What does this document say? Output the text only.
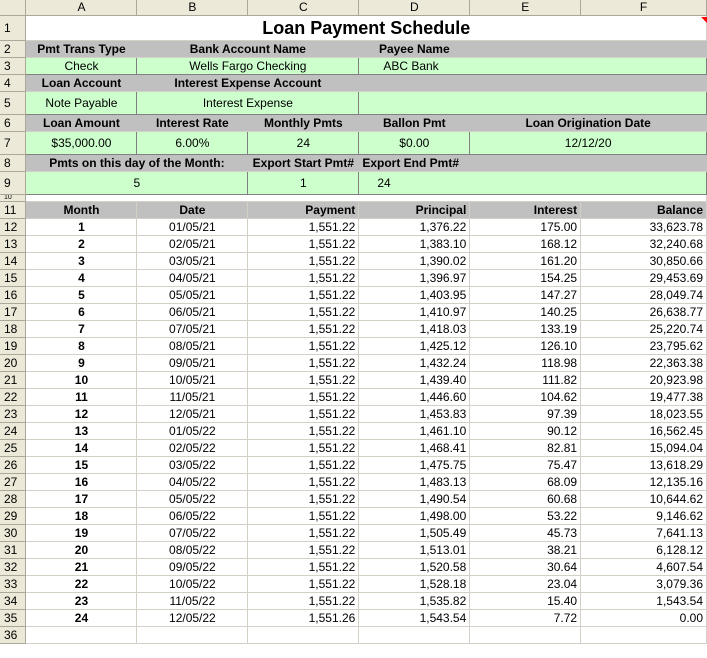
	A	B	C	D	E	F
1	Loan Payment Schedule					
2	Pmt Trans Type	Bank Account Name		Payee Name		
3	Check	Wells Fargo Checking		ABC Bank		
4	Loan Account	Interest Expense Account				
5	Note Payable	Interest Expense				
6	Loan Amount	Interest Rate	Monthly Pmts	Ballon Pmt	Loan Origination Date	
7	$35,000.00	6.00%	24	$0.00	12/12/20	
8	Pmts on this day of the Month:		Export Start Pmt#	Export End Pmt#		
9	5		1	24		
10						
11	Month	Date	Payment	Principal	Interest	Balance
12	1	01/05/21	1,551.22	1,376.22	175.00	33,623.78
13	2	02/05/21	1,551.22	1,383.10	168.12	32,240.68
14	3	03/05/21	1,551.22	1,390.02	161.20	30,850.66
15	4	04/05/21	1,551.22	1,396.97	154.25	29,453.69
16	5	05/05/21	1,551.22	1,403.95	147.27	28,049.74
17	6	06/05/21	1,551.22	1,410.97	140.25	26,638.77
18	7	07/05/21	1,551.22	1,418.03	133.19	25,220.74
19	8	08/05/21	1,551.22	1,425.12	126.10	23,795.62
20	9	09/05/21	1,551.22	1,432.24	118.98	22,363.38
21	10	10/05/21	1,551.22	1,439.40	111.82	20,923.98
22	11	11/05/21	1,551.22	1,446.60	104.62	19,477.38
23	12	12/05/21	1,551.22	1,453.83	97.39	18,023.55
24	13	01/05/22	1,551.22	1,461.10	90.12	16,562.45
25	14	02/05/22	1,551.22	1,468.41	82.81	15,094.04
26	15	03/05/22	1,551.22	1,475.75	75.47	13,618.29
27	16	04/05/22	1,551.22	1,483.13	68.09	12,135.16
28	17	05/05/22	1,551.22	1,490.54	60.68	10,644.62
29	18	06/05/22	1,551.22	1,498.00	53.22	9,146.62
30	19	07/05/22	1,551.22	1,505.49	45.73	7,641.13
31	20	08/05/22	1,551.22	1,513.01	38.21	6,128.12
32	21	09/05/22	1,551.22	1,520.58	30.64	4,607.54
33	22	10/05/22	1,551.22	1,528.18	23.04	3,079.36
34	23	11/05/22	1,551.22	1,535.82	15.40	1,543.54
35	24	12/05/22	1,551.26	1,543.54	7.72	0.00
36						
